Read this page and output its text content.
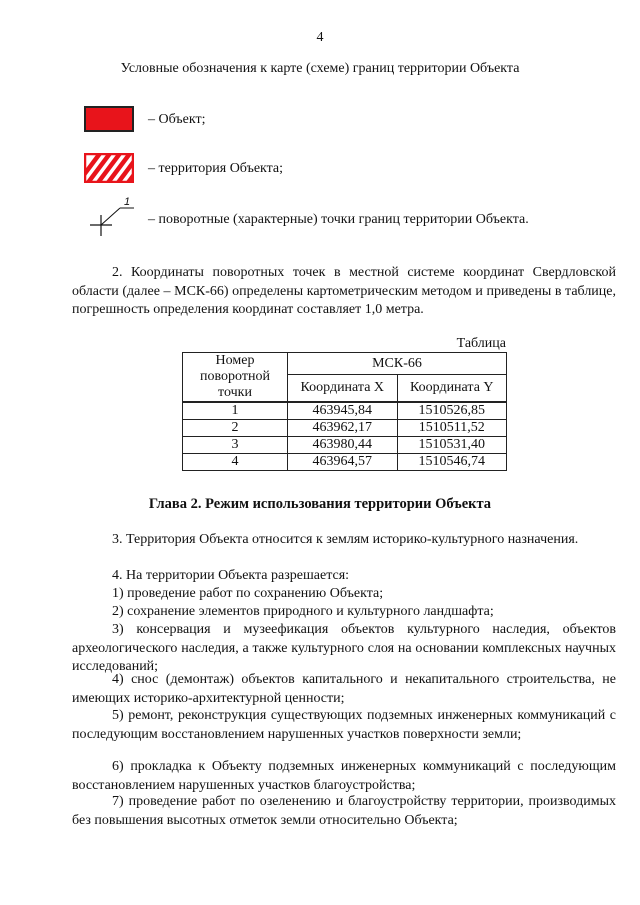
4
Условные обозначения к карте (схеме) границ территории Объекта
– Объект;
– территория Объекта;
1
– поворотные (характерные) точки границ территории Объекта.
2. Координаты поворотных точек в местной системе координат Свердловской области (далее – МСК-66) определены картометрическим методом и приведены в таблице, погрешность определения координат составляет 1,0 метра.
Таблица
Номер поворотной точки	МСК-66	
	Координата X	Координата Y
1	463945,84	1510526,85
2	463962,17	1510511,52
3	463980,44	1510531,40
4	463964,57	1510546,74
Глава 2. Режим использования территории Объекта
3. Территория Объекта относится к землям историко-культурного назначения.
4. На территории Объекта разрешается:
1) проведение работ по сохранению Объекта;
2) сохранение элементов природного и культурного ландшафта;
3) консервация и музеефикация объектов культурного наследия, объектов археологического наследия, а также культурного слоя на основании комплексных научных исследований;
4) снос (демонтаж) объектов капитального и некапитального строительства, не имеющих историко-архитектурной ценности;
5) ремонт, реконструкция существующих подземных инженерных коммуникаций с последующим восстановлением нарушенных участков поверхности земли;
6) прокладка к Объекту подземных инженерных коммуникаций с последующим восстановлением нарушенных участков благоустройства;
7) проведение работ по озеленению и благоустройству территории, производимых без повышения высотных отметок земли относительно Объекта;
